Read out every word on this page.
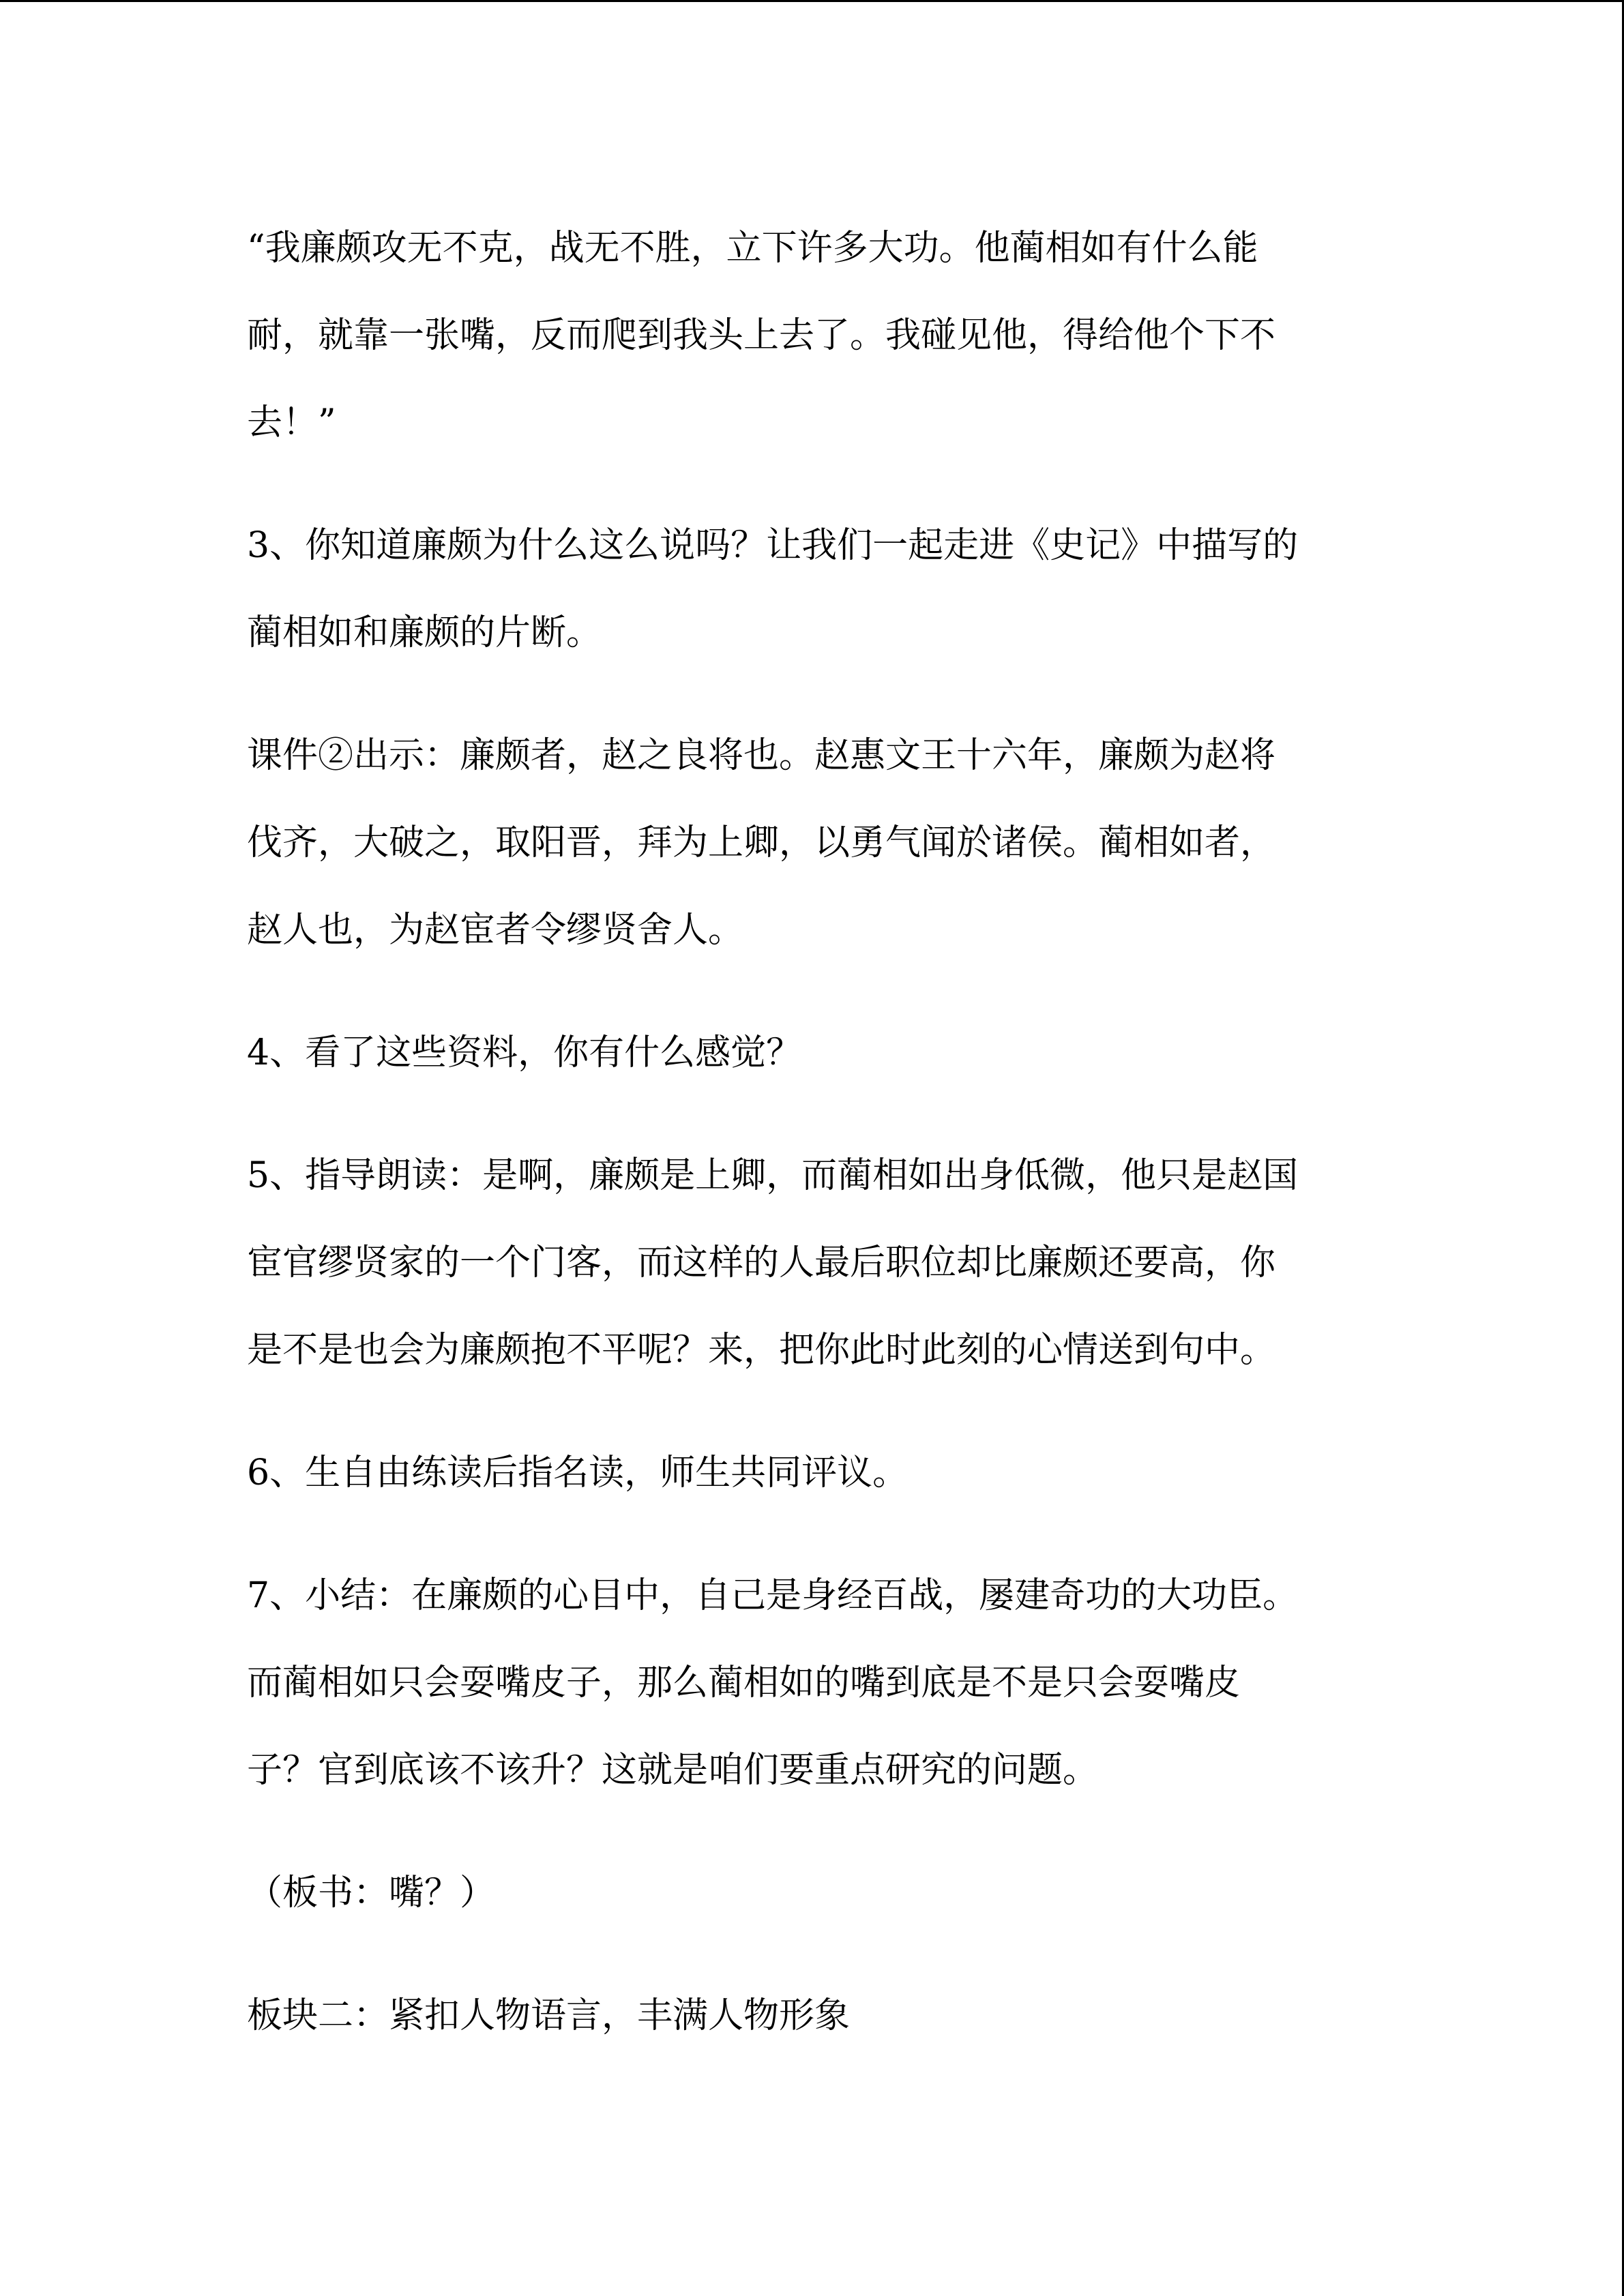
“我廉颇攻无不克，战无不胜，立下许多大功。他蔺相如有什么能

耐，就靠一张嘴，反而爬到我头上去了。我碰见他，得给他个下不

去！”

3、你知道廉颇为什么这么说吗？让我们一起走进《史记》中描写的

蔺相如和廉颇的片断。

课件②出示：廉颇者，赵之良将也。赵惠文王十六年，廉颇为赵将

伐齐，大破之，取阳晋，拜为上卿，以勇气闻於诸侯。蔺相如者，

赵人也，为赵宦者令缪贤舍人。

4、看了这些资料，你有什么感觉？

5、指导朗读：是啊，廉颇是上卿，而蔺相如出身低微，他只是赵国

宦官缪贤家的一个门客，而这样的人最后职位却比廉颇还要高，你

是不是也会为廉颇抱不平呢？来，把你此时此刻的心情送到句中。

6、生自由练读后指名读，师生共同评议。

7、小结：在廉颇的心目中，自己是身经百战，屡建奇功的大功臣。

而蔺相如只会耍嘴皮子，那么蔺相如的嘴到底是不是只会耍嘴皮

子？官到底该不该升？这就是咱们要重点研究的问题。

（板书：嘴？）

板块二：紧扣人物语言，丰满人物形象
